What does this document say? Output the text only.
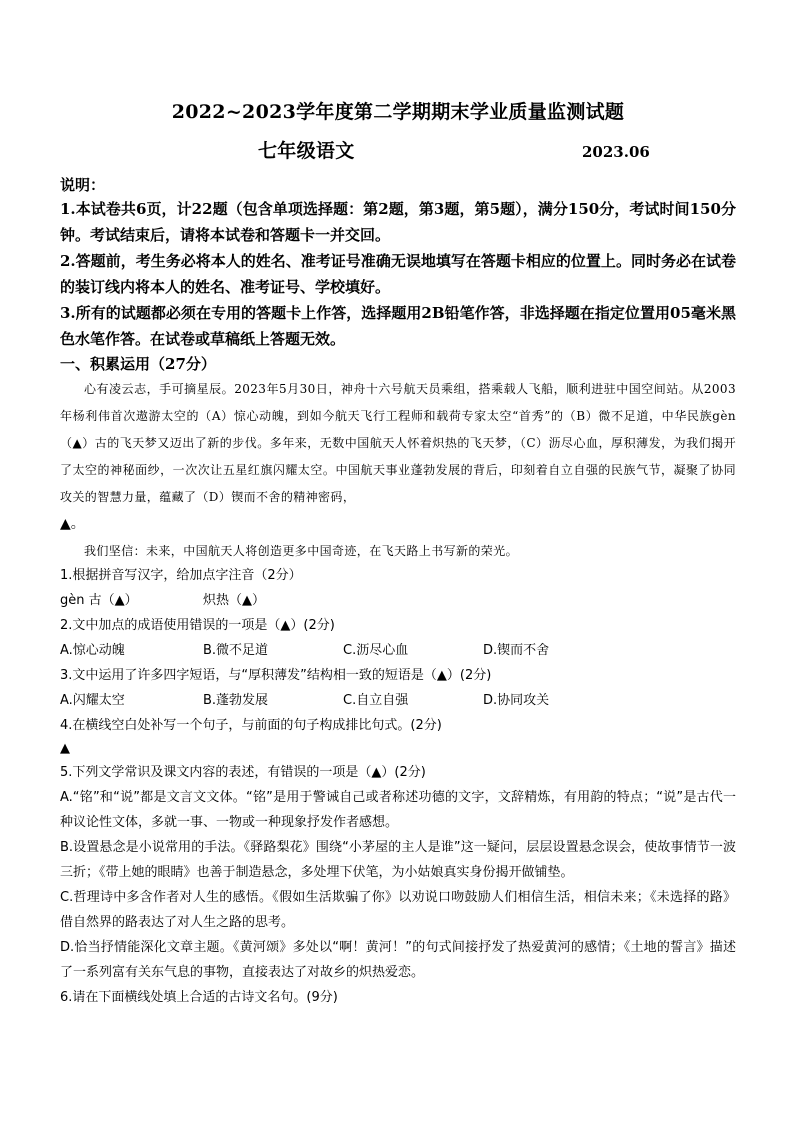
2022~2023学年度第二学期期末学业质量监测试题
七年级语文	2023.06
说明：

1.本试卷共6页，计22题（包含单项选择题：第2题，第3题，第5题），满分150分，考试时间150分钟。考试结束后，请将本试卷和答题卡一并交回。

2.答题前，考生务必将本人的姓名、准考证号准确无误地填写在答题卡相应的位置上。同时务必在试卷的装订线内将本人的姓名、准考证号、学校填好。

3.所有的试题都必须在专用的答题卡上作答，选择题用2B铅笔作答，非选择题在指定位置用05毫米黑色水笔作答。在试卷或草稿纸上答题无效。

一、积累运用（27分）

心有凌云志，手可摘星辰。2023年5月30日，神舟十六号航天员乘组，搭乘载人飞船，顺利进驻中国空间站。从2003年杨利伟首次遨游太空的（A）惊心动魄，到如今航天飞行工程师和载荷专家太空“首秀”的（B）微不足道，中华民族gèn（▲）古的飞天梦又迈出了新的步伐。多年来，无数中国航天人怀着炽热的飞天梦，（C）沥尽心血，厚积薄发，为我们揭开了太空的神秘面纱，一次次让五星红旗闪耀太空。中国航天事业蓬勃发展的背后，印刻着自立自强的民族气节，凝聚了协同攻关的智慧力量，蕴藏了（D）锲而不舍的精神密码，

▲。

我们坚信：未来，中国航天人将创造更多中国奇迹，在飞天路上书写新的荣光。

1.根据拼音写汉字，给加点字注音（2分）

gèn 古（▲）	炽热（▲）

2.文中加点的成语使用错误的一项是（▲）(2分)

A.惊心动魄	B.微不足道	C.沥尽心血	D.锲而不舍

3.文中运用了许多四字短语，与“厚积薄发”结构相一致的短语是（▲）(2分)

A.闪耀太空	B.蓬勃发展	C.自立自强	D.协同攻关

4.在横线空白处补写一个句子，与前面的句子构成排比句式。(2分)

▲

5.下列文学常识及课文内容的表述，有错误的一项是（▲）(2分)

A.“铭”和“说”都是文言文文体。“铭”是用于警诫自己或者称述功德的文字，文辞精炼，有用韵的特点；“说”是古代一种议论性文体，多就一事、一物或一种现象抒发作者感想。

B.设置悬念是小说常用的手法。《驿路梨花》围绕“小茅屋的主人是谁”这一疑问，层层设置悬念误会，使故事情节一波三折；《带上她的眼睛》也善于制造悬念，多处埋下伏笔，为小姑娘真实身份揭开做铺垫。

C.哲理诗中多含作者对人生的感悟。《假如生活欺骗了你》以劝说口吻鼓励人们相信生活，相信未来；《未选择的路》借自然界的路表达了对人生之路的思考。

D.恰当抒情能深化文章主题。《黄河颂》多处以“啊！黄河！”的句式间接抒发了热爱黄河的感情；《土地的誓言》描述了一系列富有关东气息的事物，直接表达了对故乡的炽热爱恋。

6.请在下面横线处填上合适的古诗文名句。(9分)
